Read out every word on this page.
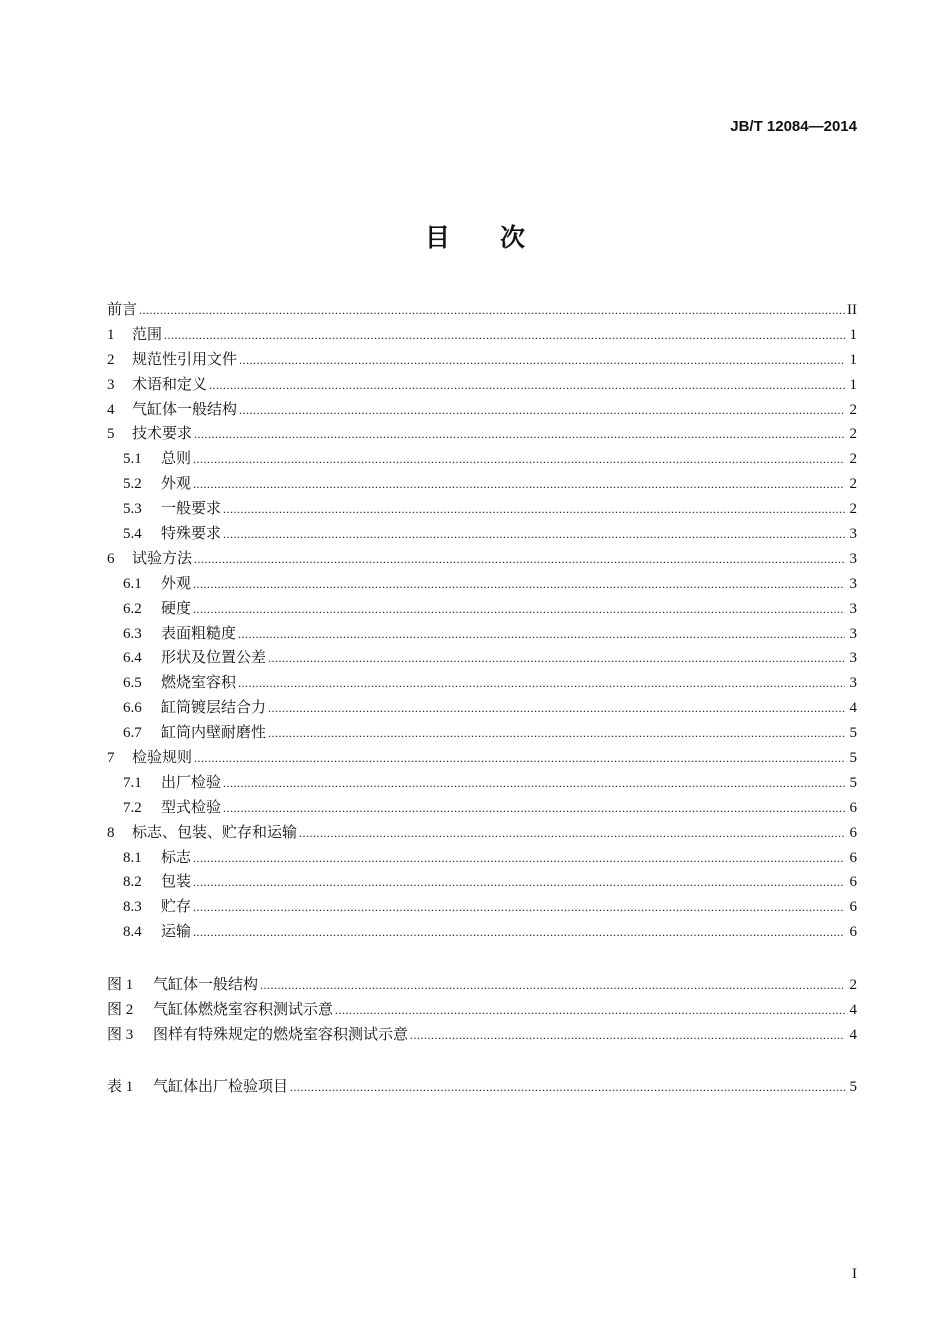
JB/T 12084—2014
目次
前言 .....	II
1	范围 .....	1
2	规范性引用文件 .....	1
3	术语和定义 .....	1
4	气缸体一般结构 .....	2
5	技术要求 .....	2
5.1	总则 .....	2
5.2	外观 .....	2
5.3	一般要求 .....	2
5.4	特殊要求 .....	3
6	试验方法 .....	3
6.1	外观 .....	3
6.2	硬度 .....	3
6.3	表面粗糙度 .....	3
6.4	形状及位置公差 .....	3
6.5	燃烧室容积 .....	3
6.6	缸筒镀层结合力 .....	4
6.7	缸筒内壁耐磨性 .....	5
7	检验规则 .....	5
7.1	出厂检验 .....	5
7.2	型式检验 .....	6
8	标志、包装、贮存和运输 .....	6
8.1	标志 .....	6
8.2	包装 .....	6
8.3	贮存 .....	6
8.4	运输 .....	6
图 1	气缸体一般结构 .....	2
图 2	气缸体燃烧室容积测试示意 .....	4
图 3	图样有特殊规定的燃烧室容积测试示意 .....	4
表 1	气缸体出厂检验项目 .....	5
I
